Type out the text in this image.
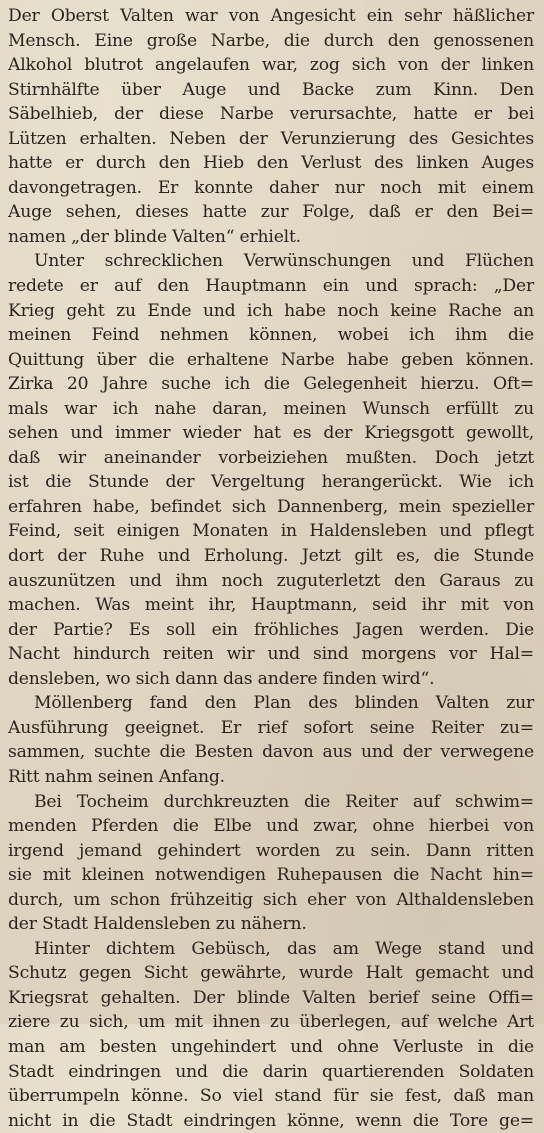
Der Oberst Valten war von Angesicht ein sehr häßlicher
Mensch. Eine große Narbe, die durch den genossenen
Alkohol blutrot angelaufen war, zog sich von der linken
Stirnhälfte über Auge und Backe zum Kinn. Den
Säbelhieb, der diese Narbe verursachte, hatte er bei
Lützen erhalten. Neben der Verunzierung des Gesichtes
hatte er durch den Hieb den Verlust des linken Auges
davongetragen. Er konnte daher nur noch mit einem
Auge sehen, dieses hatte zur Folge, daß er den Bei=
namen „der blinde Valten“ erhielt.

Unter schrecklichen Verwünschungen und Flüchen
redete er auf den Hauptmann ein und sprach: „Der
Krieg geht zu Ende und ich habe noch keine Rache an
meinen Feind nehmen können, wobei ich ihm die
Quittung über die erhaltene Narbe habe geben können.
Zirka 20 Jahre suche ich die Gelegenheit hierzu. Oft=
mals war ich nahe daran, meinen Wunsch erfüllt zu
sehen und immer wieder hat es der Kriegsgott gewollt,
daß wir aneinander vorbeiziehen mußten. Doch jetzt
ist die Stunde der Vergeltung herangerückt. Wie ich
erfahren habe, befindet sich Dannenberg, mein spezieller
Feind, seit einigen Monaten in Haldensleben und pflegt
dort der Ruhe und Erholung. Jetzt gilt es, die Stunde
auszunützen und ihm noch zuguterletzt den Garaus zu
machen. Was meint ihr, Hauptmann, seid ihr mit von
der Partie? Es soll ein fröhliches Jagen werden. Die
Nacht hindurch reiten wir und sind morgens vor Hal=
densleben, wo sich dann das andere finden wird“.

Möllenberg fand den Plan des blinden Valten zur
Ausführung geeignet. Er rief sofort seine Reiter zu=
sammen, suchte die Besten davon aus und der verwegene
Ritt nahm seinen Anfang.

Bei Tocheim durchkreuzten die Reiter auf schwim=
menden Pferden die Elbe und zwar, ohne hierbei von
irgend jemand gehindert worden zu sein. Dann ritten
sie mit kleinen notwendigen Ruhepausen die Nacht hin=
durch, um schon frühzeitig sich eher von Althaldensleben
der Stadt Haldensleben zu nähern.

Hinter dichtem Gebüsch, das am Wege stand und
Schutz gegen Sicht gewährte, wurde Halt gemacht und
Kriegsrat gehalten. Der blinde Valten berief seine Offi=
ziere zu sich, um mit ihnen zu überlegen, auf welche Art
man am besten ungehindert und ohne Verluste in die
Stadt eindringen und die darin quartierenden Soldaten
überrumpeln könne. So viel stand für sie fest, daß man
nicht in die Stadt eindringen könne, wenn die Tore ge=
